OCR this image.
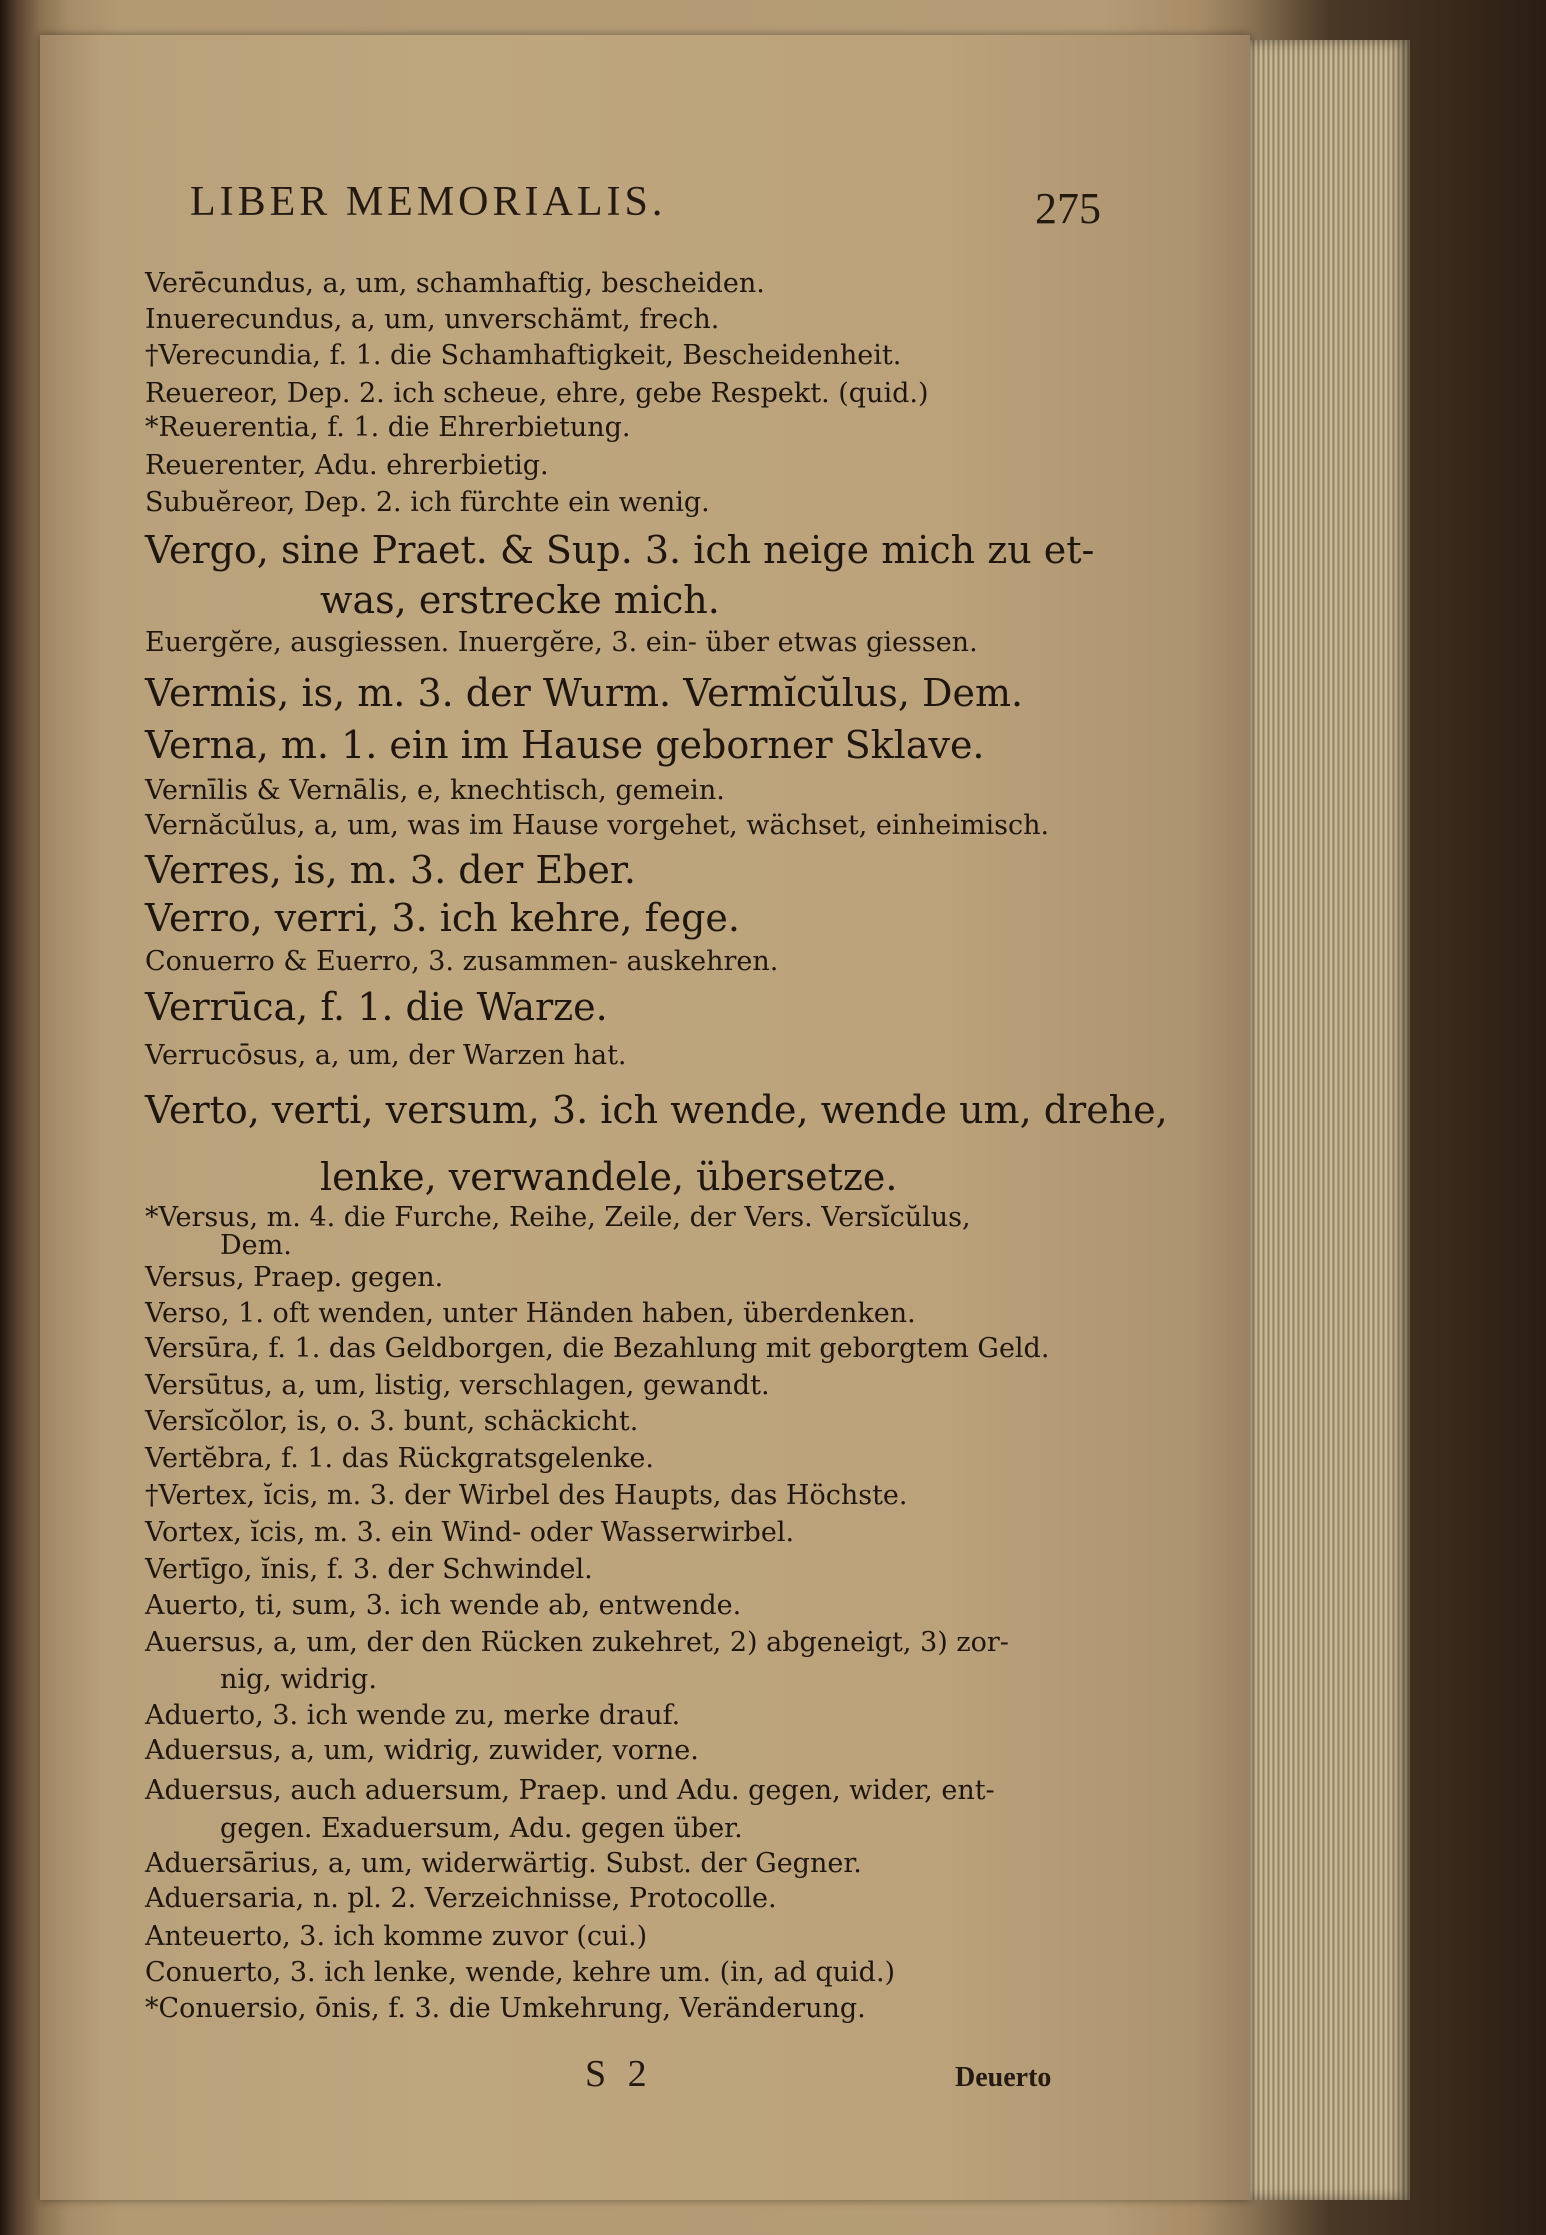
LIBER MEMORIALIS.	275
Verēcundus, a, um, schamhaftig, bescheiden.
Inuerecundus, a, um, unverschämt, frech.
†Verecundia, f. 1. die Schamhaftigkeit, Bescheidenheit.
Reuereor, Dep. 2. ich scheue, ehre, gebe Respekt. (quid.)
*Reuerentia, f. 1. die Ehrerbietung.
Reuerenter, Adu. ehrerbietig.
Subuĕreor, Dep. 2. ich fürchte ein wenig.
Vergo, sine Praet. & Sup. 3. ich neige mich zu et-
was, erstrecke mich.
Euergĕre, ausgiessen. Inuergĕre, 3. ein- über etwas giessen.
Vermis, is, m. 3. der Wurm. Vermĭcŭlus, Dem.
Verna, m. 1. ein im Hause geborner Sklave.
Vernīlis & Vernālis, e, knechtisch, gemein.
Vernăcŭlus, a, um, was im Hause vorgehet, wächset, einheimisch.
Verres, is, m. 3. der Eber.
Verro, verri, 3. ich kehre, fege.
Conuerro & Euerro, 3. zusammen- auskehren.
Verrūca, f. 1. die Warze.
Verrucōsus, a, um, der Warzen hat.
Verto, verti, versum, 3. ich wende, wende um, drehe,
lenke, verwandele, übersetze.
*Versus, m. 4. die Furche, Reihe, Zeile, der Vers. Versĭcŭlus,
Dem.
Versus, Praep. gegen.
Verso, 1. oft wenden, unter Händen haben, überdenken.
Versūra, f. 1. das Geldborgen, die Bezahlung mit geborgtem Geld.
Versūtus, a, um, listig, verschlagen, gewandt.
Versĭcŏlor, is, o. 3. bunt, schäckicht.
Vertĕbra, f. 1. das Rückgratsgelenke.
†Vertex, ĭcis, m. 3. der Wirbel des Haupts, das Höchste.
Vortex, ĭcis, m. 3. ein Wind- oder Wasserwirbel.
Vertīgo, ĭnis, f. 3. der Schwindel.
Auerto, ti, sum, 3. ich wende ab, entwende.
Auersus, a, um, der den Rücken zukehret, 2) abgeneigt, 3) zor-
nig, widrig.
Aduerto, 3. ich wende zu, merke drauf.
Aduersus, a, um, widrig, zuwider, vorne.
Aduersus, auch aduersum, Praep. und Adu. gegen, wider, ent-
gegen. Exaduersum, Adu. gegen über.
Aduersārius, a, um, widerwärtig. Subst. der Gegner.
Aduersaria, n. pl. 2. Verzeichnisse, Protocolle.
Anteuerto, 3. ich komme zuvor (cui.)
Conuerto, 3. ich lenke, wende, kehre um. (in, ad quid.)
*Conuersio, ōnis, f. 3. die Umkehrung, Veränderung.
S 2	Deuerto
